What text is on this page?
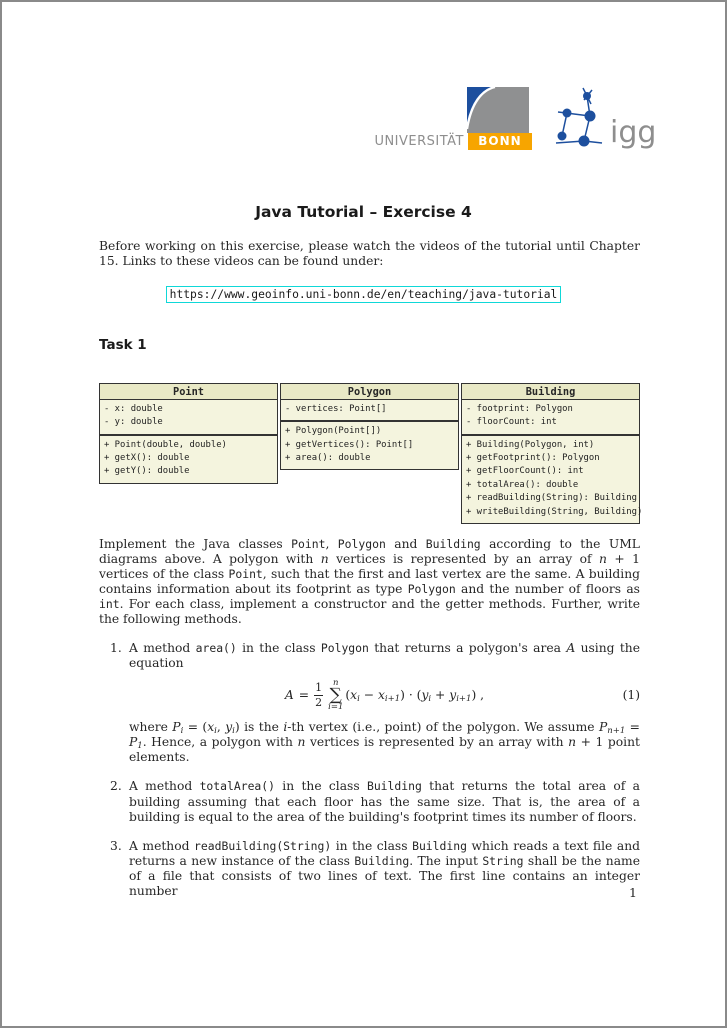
UNIVERSITÄT	BONN	igg
Java Tutorial – Exercise 4
Before working on this exercise, please watch the videos of the tutorial until Chapter 15. Links to these videos can be found under:
https://www.geoinfo.uni-bonn.de/en/teaching/java-tutorial
Task 1
Point
- x: double
- y: double
+ Point(double, double)
+ getX(): double
+ getY(): double
Polygon
- vertices: Point[]
+ Polygon(Point[])
+ getVertices(): Point[]
+ area(): double
Building
- footprint: Polygon
- floorCount: int
+ Building(Polygon, int)
+ getFootprint(): Polygon
+ getFloorCount(): int
+ totalArea(): double
+ readBuilding(String): Building
+ writeBuilding(String, Building)
Implement the Java classes Point, Polygon and Building according to the UML diagrams above. A polygon with n vertices is represented by an array of n + 1 vertices of the class Point, such that the first and last vertex are the same. A building contains information about its footprint as type Polygon and the number of floors as int. For each class, implement a constructor and the getter methods. Further, write the following methods.
1. A method area() in the class Polygon that returns a polygon's area A using the equation
$A = \frac{1}{2}$ n
∑
i=1
$(x_i - x_{i+1}) \cdot (y_i + y_{i+1})$ ,	(1)
where $P_i = (x_i$, $y_i$) is the i-th vertex (i.e., point) of the polygon. We assume $P_{n+1} = P_1$. Hence, a polygon with n vertices is represented by an array with n + 1 point elements.
2. A method totalArea() in the class Building that returns the total area of a building assuming that each floor has the same size. That is, the area of a building is equal to the area of the building's footprint times its number of floors.
3. A method readBuilding(String) in the class Building which reads a text file and returns a new instance of the class Building. The input String shall be the name of a file that consists of two lines of text. The first line contains an integer number	1
